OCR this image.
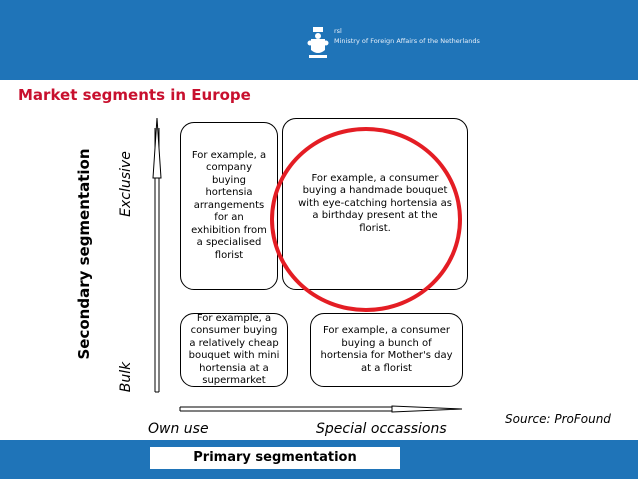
rsl
Ministry of Foreign Affairs of the Netherlands
Market segments in Europe
Secondary segmentation Exclusive
Bulk
For example, a company buying hortensia arrangements for an exhibition from a specialised florist
For example, a consumer buying a handmade bouquet with eye-catching hortensia as a birthday present at the florist.
For example, a consumer buying a relatively cheap bouquet with mini hortensia at a supermarket
For example, a consumer buying a bunch of hortensia for Mother's day at a florist
Own use	Special occassions
Source: ProFound
Primary segmentation
